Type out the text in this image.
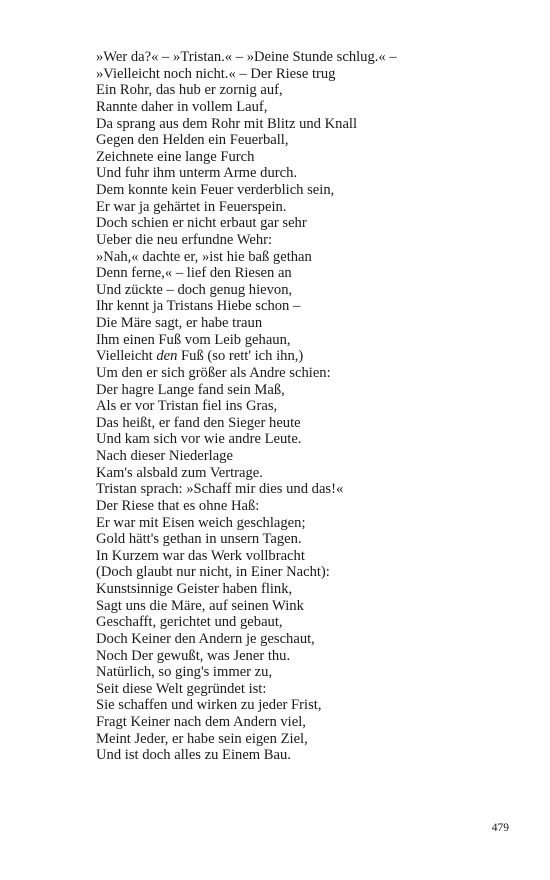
»Wer da?« – »Tristan.« – »Deine Stunde schlug.« –
»Vielleicht noch nicht.« – Der Riese trug
Ein Rohr, das hub er zornig auf,
Rannte daher in vollem Lauf,
Da sprang aus dem Rohr mit Blitz und Knall
Gegen den Helden ein Feuerball,
Zeichnete eine lange Furch
Und fuhr ihm unterm Arme durch.
Dem konnte kein Feuer verderblich sein,
Er war ja gehärtet in Feuerspein.
Doch schien er nicht erbaut gar sehr
Ueber die neu erfundne Wehr:
»Nah,« dachte er, »ist hie baß gethan
Denn ferne,« – lief den Riesen an
Und zückte – doch genug hievon,
Ihr kennt ja Tristans Hiebe schon –
Die Märe sagt, er habe traun
Ihm einen Fuß vom Leib gehaun,
Vielleicht den Fuß (so rett' ich ihn,)
Um den er sich größer als Andre schien:
Der hagre Lange fand sein Maß,
Als er vor Tristan fiel ins Gras,
Das heißt, er fand den Sieger heute
Und kam sich vor wie andre Leute.
Nach dieser Niederlage
Kam's alsbald zum Vertrage.
Tristan sprach: »Schaff mir dies und das!«
Der Riese that es ohne Haß:
Er war mit Eisen weich geschlagen;
Gold hätt's gethan in unsern Tagen.
In Kurzem war das Werk vollbracht
(Doch glaubt nur nicht, in Einer Nacht):
Kunstsinnige Geister haben flink,
Sagt uns die Märe, auf seinen Wink
Geschafft, gerichtet und gebaut,
Doch Keiner den Andern je geschaut,
Noch Der gewußt, was Jener thu.
Natürlich, so ging's immer zu,
Seit diese Welt gegründet ist:
Sie schaffen und wirken zu jeder Frist,
Fragt Keiner nach dem Andern viel,
Meint Jeder, er habe sein eigen Ziel,
Und ist doch alles zu Einem Bau.
479
